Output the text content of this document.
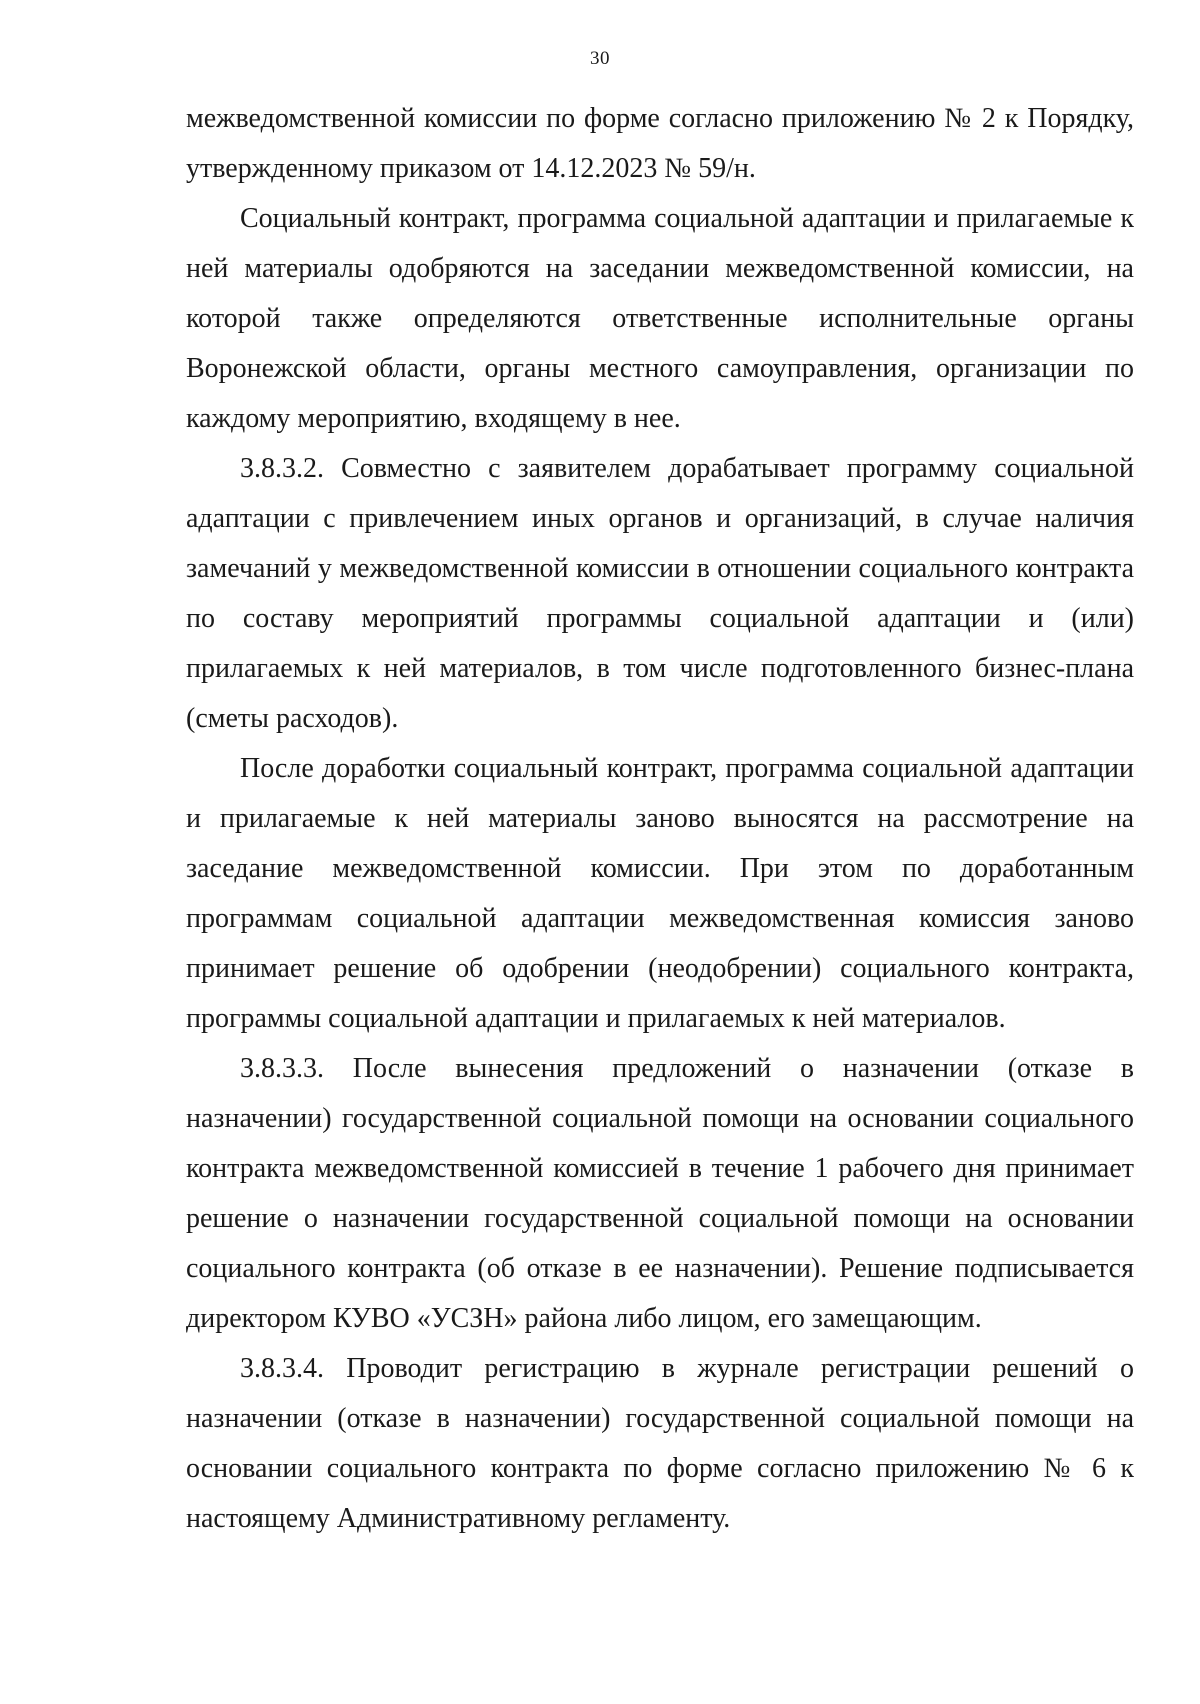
30

межведомственной комиссии по форме согласно приложению № 2 к Порядку, утвержденному приказом от 14.12.2023 № 59/н.

Социальный контракт, программа социальной адаптации и прилагаемые к ней материалы одобряются на заседании межведомственной комиссии, на которой также определяются ответственные исполнительные органы Воронежской области, органы местного самоуправления, организации по каждому мероприятию, входящему в нее.

3.8.3.2. Совместно с заявителем дорабатывает программу социальной адаптации с привлечением иных органов и организаций, в случае наличия замечаний у межведомственной комиссии в отношении социального контракта по составу мероприятий программы социальной адаптации и (или) прилагаемых к ней материалов, в том числе подготовленного бизнес-плана (сметы расходов).

После доработки социальный контракт, программа социальной адаптации и прилагаемые к ней материалы заново выносятся на рассмотрение на заседание межведомственной комиссии. При этом по доработанным программам социальной адаптации межведомственная комиссия заново принимает решение об одобрении (неодобрении) социального контракта, программы социальной адаптации и прилагаемых к ней материалов.

3.8.3.3. После вынесения предложений о назначении (отказе в назначении) государственной социальной помощи на основании социального контракта межведомственной комиссией в течение 1 рабочего дня принимает решение о назначении государственной социальной помощи на основании социального контракта (об отказе в ее назначении). Решение подписывается директором КУВО «УСЗН» района либо лицом, его замещающим.

3.8.3.4. Проводит регистрацию в журнале регистрации решений о назначении (отказе в назначении) государственной социальной помощи на основании социального контракта по форме согласно приложению № 6 к настоящему Административному регламенту.
